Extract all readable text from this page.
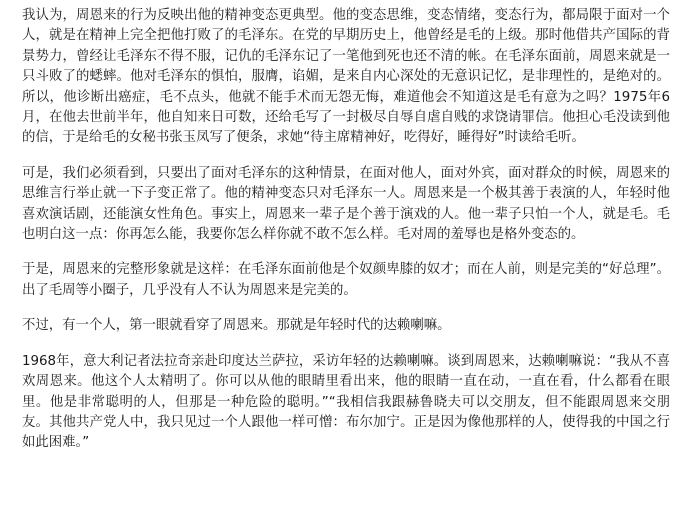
我认为，周恩来的行为反映出他的精神变态更典型。他的变态思维，变态情绪，变态行为，都局限于面对一个人，就是在精神上完全把他打败了的毛泽东。在党的早期历史上，他曾经是毛的上级。那时他借共产国际的背景势力，曾经让毛泽东不得不服，记仇的毛泽东记了一笔他到死也还不清的帐。在毛泽东面前，周恩来就是一只斗败了的蟋蟀。他对毛泽东的惧怕，服膺，谄媚，是来自内心深处的无意识记忆，是非理性的，是绝对的。所以，他诊断出癌症，毛不点头，他就不能手术而无怨无悔，难道他会不知道这是毛有意为之吗？1975年6月，在他去世前半年，他自知来日可数，还给毛写了一封极尽自辱自虐自贱的求饶请罪信。他担心毛没读到他的信，于是给毛的女秘书张玉凤写了便条，求她“待主席精神好，吃得好，睡得好”时读给毛听。

可是，我们必须看到，只要出了面对毛泽东的这种情景，在面对他人，面对外宾，面对群众的时候，周恩来的思维言行举止就一下子变正常了。他的精神变态只对毛泽东一人。周恩来是一个极其善于表演的人，年轻时他喜欢演话剧，还能演女性角色。事实上，周恩来一辈子是个善于演戏的人。他一辈子只怕一个人，就是毛。毛也明白这一点：你再怎么能，我要你怎么样你就不敢不怎么样。毛对周的羞辱也是格外变态的。

于是，周恩来的完整形象就是这样：在毛泽东面前他是个奴颜卑膝的奴才；而在人前，则是完美的“好总理”。出了毛周等小圈子，几乎没有人不认为周恩来是完美的。

不过，有一个人，第一眼就看穿了周恩来。那就是年轻时代的达赖喇嘛。

1968年，意大利记者法拉奇亲赴印度达兰萨拉，采访年轻的达赖喇嘛。谈到周恩来，达赖喇嘛说：“我从不喜欢周恩来。他这个人太精明了。你可以从他的眼睛里看出来，他的眼睛一直在动，一直在看，什么都看在眼里。他是非常聪明的人，但那是一种危险的聪明。”“我相信我跟赫鲁晓夫可以交朋友，但不能跟周恩来交朋友。其他共产党人中，我只见过一个人跟他一样可憎：布尔加宁。正是因为像他那样的人，使得我的中国之行如此困难。”
